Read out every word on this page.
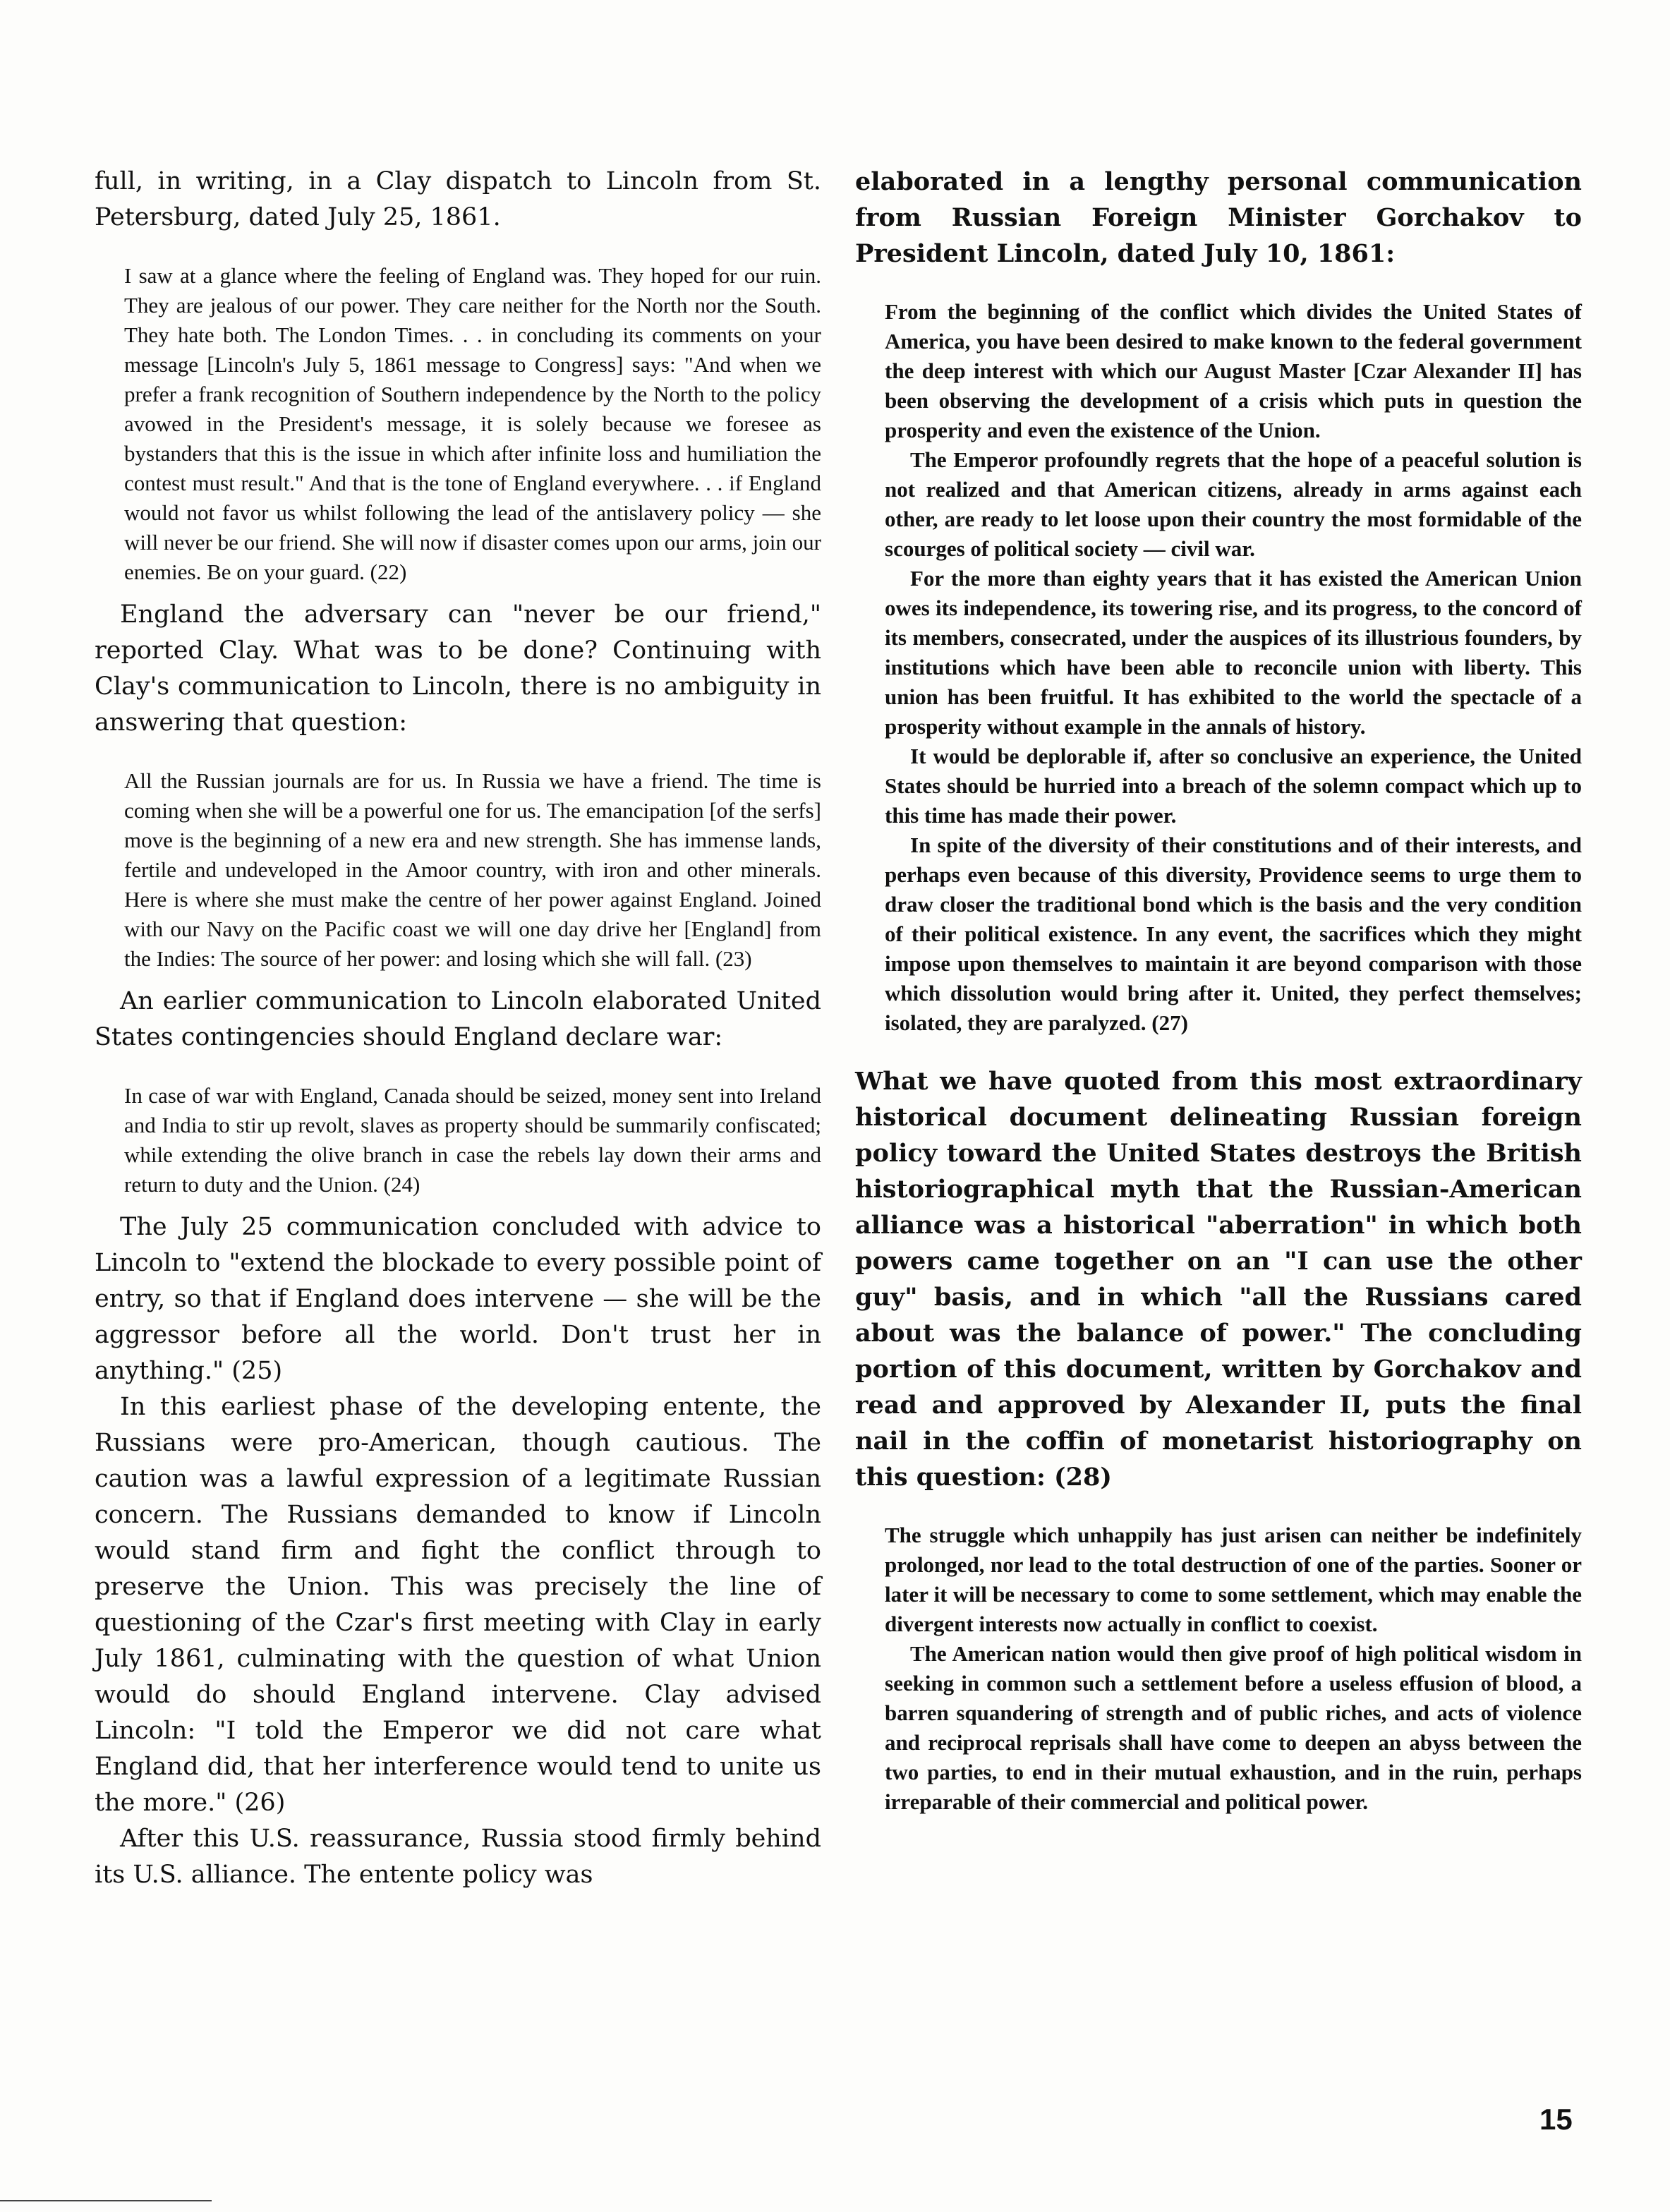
full, in writing, in a Clay dispatch to Lincoln from St. Petersburg, dated July 25, 1861.

I saw at a glance where the feeling of England was. They hoped for our ruin. They are jealous of our power. They care neither for the North nor the South. They hate both. The London Times. . . in concluding its comments on your message [Lincoln's July 5, 1861 message to Congress] says: "And when we prefer a frank recognition of Southern independence by the North to the policy avowed in the President's message, it is solely because we foresee as bystanders that this is the issue in which after infinite loss and humiliation the contest must result." And that is the tone of England everywhere. . . if England would not favor us whilst following the lead of the antislavery policy — she will never be our friend. She will now if disaster comes upon our arms, join our enemies. Be on your guard. (22)

England the adversary can "never be our friend," reported Clay. What was to be done? Continuing with Clay's communication to Lincoln, there is no ambiguity in answering that question:

All the Russian journals are for us. In Russia we have a friend. The time is coming when she will be a powerful one for us. The emancipation [of the serfs] move is the beginning of a new era and new strength. She has immense lands, fertile and undeveloped in the Amoor country, with iron and other minerals. Here is where she must make the centre of her power against England. Joined with our Navy on the Pacific coast we will one day drive her [England] from the Indies: The source of her power: and losing which she will fall. (23)

An earlier communication to Lincoln elaborated United States contingencies should England declare war:

In case of war with England, Canada should be seized, money sent into Ireland and India to stir up revolt, slaves as property should be summarily confiscated; while extending the olive branch in case the rebels lay down their arms and return to duty and the Union. (24)

The July 25 communication concluded with advice to Lincoln to "extend the blockade to every possible point of entry, so that if England does intervene — she will be the aggressor before all the world. Don't trust her in anything." (25)

In this earliest phase of the developing entente, the Russians were pro-American, though cautious. The caution was a lawful expression of a legitimate Russian concern. The Russians demanded to know if Lincoln would stand firm and fight the conflict through to preserve the Union. This was precisely the line of questioning of the Czar's first meeting with Clay in early July 1861, culminating with the question of what Union would do should England intervene. Clay advised Lincoln: "I told the Emperor we did not care what England did, that her interference would tend to unite us the more." (26)

After this U.S. reassurance, Russia stood firmly behind its U.S. alliance. The entente policy was

elaborated in a lengthy personal communication from Russian Foreign Minister Gorchakov to President Lincoln, dated July 10, 1861:

From the beginning of the conflict which divides the United States of America, you have been desired to make known to the federal government the deep interest with which our August Master [Czar Alexander II] has been observing the development of a crisis which puts in question the prosperity and even the existence of the Union.

The Emperor profoundly regrets that the hope of a peaceful solution is not realized and that American citizens, already in arms against each other, are ready to let loose upon their country the most formidable of the scourges of political society — civil war.

For the more than eighty years that it has existed the American Union owes its independence, its towering rise, and its progress, to the concord of its members, consecrated, under the auspices of its illustrious founders, by institutions which have been able to reconcile union with liberty. This union has been fruitful. It has exhibited to the world the spectacle of a prosperity without example in the annals of history.

It would be deplorable if, after so conclusive an experience, the United States should be hurried into a breach of the solemn compact which up to this time has made their power.

In spite of the diversity of their constitutions and of their interests, and perhaps even because of this diversity, Providence seems to urge them to draw closer the traditional bond which is the basis and the very condition of their political existence. In any event, the sacrifices which they might impose upon themselves to maintain it are beyond comparison with those which dissolution would bring after it. United, they perfect themselves; isolated, they are paralyzed. (27)

What we have quoted from this most extraordinary historical document delineating Russian foreign policy toward the United States destroys the British historiographical myth that the Russian-American alliance was a historical "aberration" in which both powers came together on an "I can use the other guy" basis, and in which "all the Russians cared about was the balance of power." The concluding portion of this document, written by Gorchakov and read and approved by Alexander II, puts the final nail in the coffin of monetarist historiography on this question: (28)

The struggle which unhappily has just arisen can neither be indefinitely prolonged, nor lead to the total destruction of one of the parties. Sooner or later it will be necessary to come to some settlement, which may enable the divergent interests now actually in conflict to coexist.

The American nation would then give proof of high political wisdom in seeking in common such a settlement before a useless effusion of blood, a barren squandering of strength and of public riches, and acts of violence and reciprocal reprisals shall have come to deepen an abyss between the two parties, to end in their mutual exhaustion, and in the ruin, perhaps irreparable of their commercial and political power.

15
